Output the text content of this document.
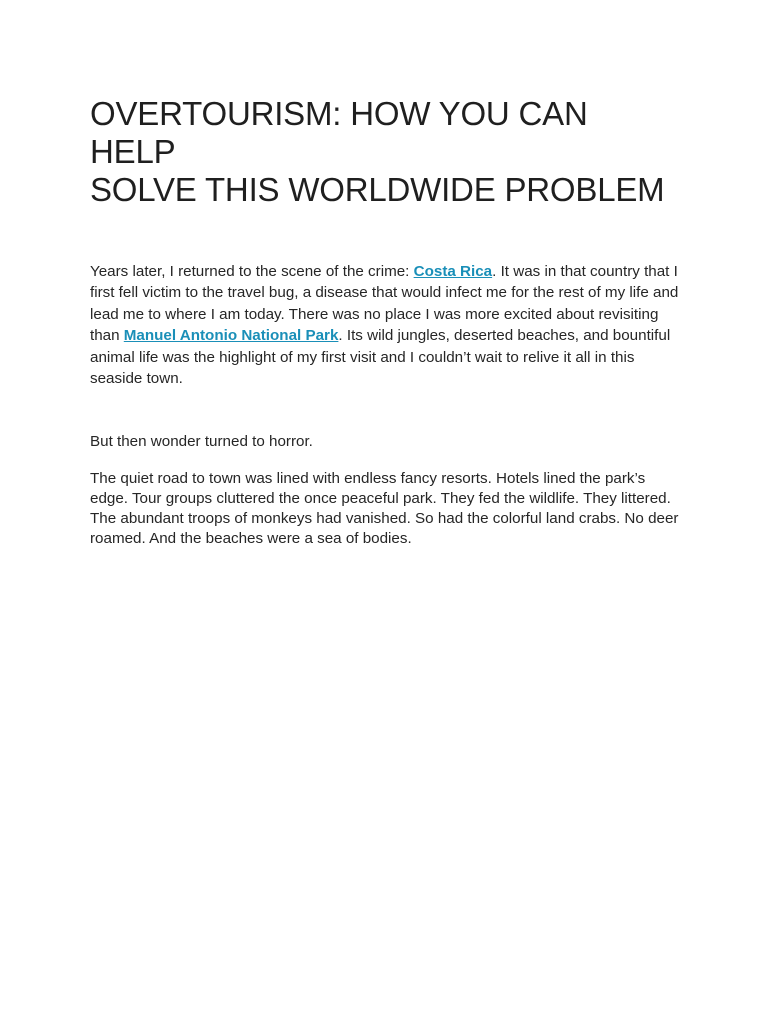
OVERTOURISM: HOW YOU CAN HELP
SOLVE THIS WORLDWIDE PROBLEM

Years later, I returned to the scene of the crime: Costa Rica. It was in that country that I first fell victim to the travel bug, a disease that would infect me for the rest of my life and lead me to where I am today. There was no place I was more excited about revisiting than Manuel Antonio National Park. Its wild jungles, deserted beaches, and bountiful animal life was the highlight of my first visit and I couldn’t wait to relive it all in this seaside town.

But then wonder turned to horror.

The quiet road to town was lined with endless fancy resorts. Hotels lined the park’s edge. Tour groups cluttered the once peaceful park. They fed the wildlife. They littered. The abundant troops of monkeys had vanished. So had the colorful land crabs. No deer roamed. And the beaches were a sea of bodies.
